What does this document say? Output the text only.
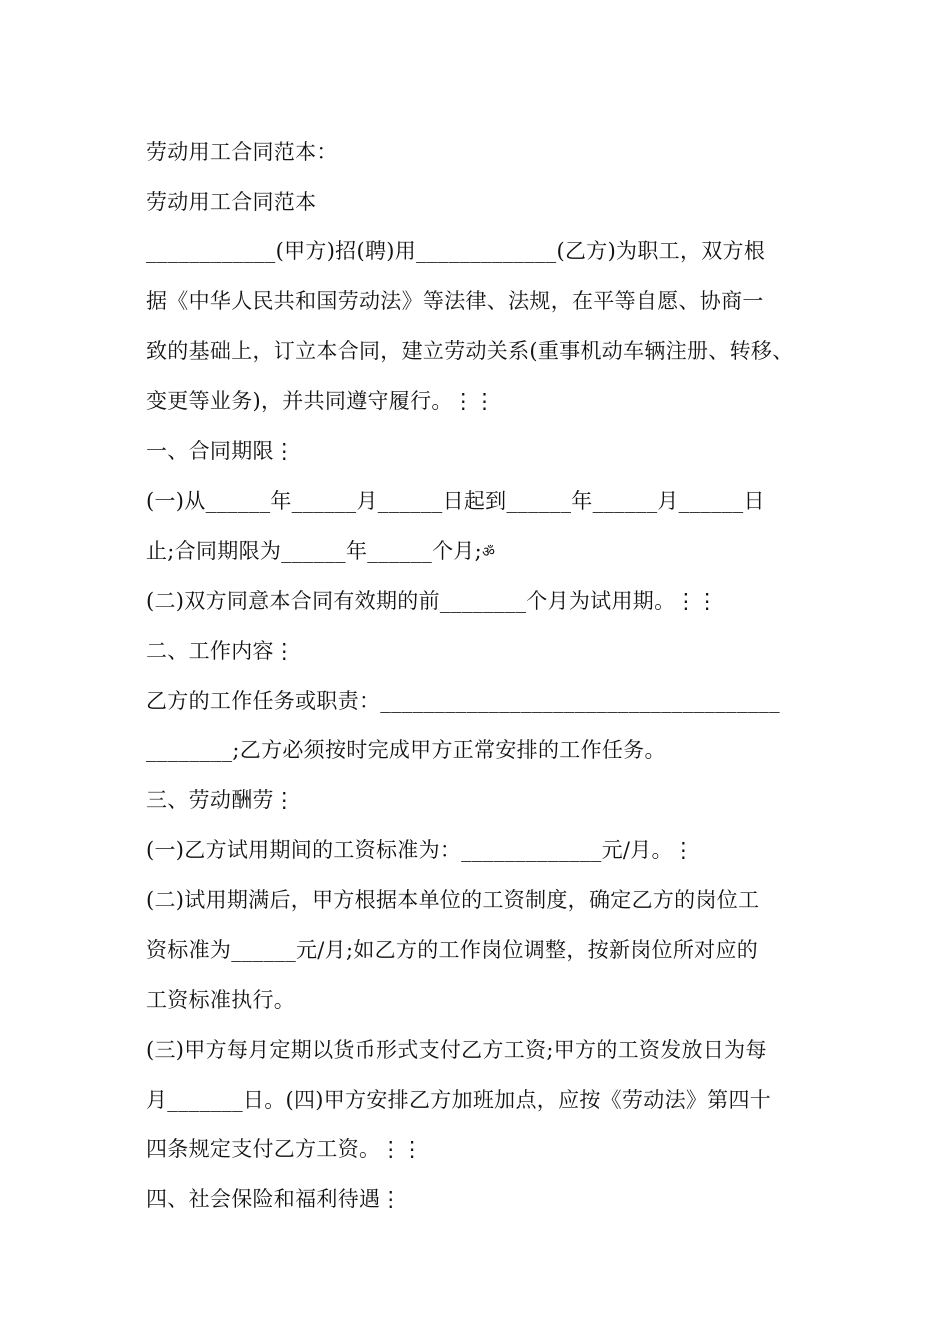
劳动用工合同范本：

劳动用工合同范本

____________(甲方)招(聘)用_____________(乙方)为职工，双方根

据《中华人民共和国劳动法》等法律、法规，在平等自愿、协商一

致的基础上，订立本合同，建立劳动关系(重事机动车辆注册、转移、

变更等业务)，并共同遵守履行。⋮⋮

一、合同期限⋮

(一)从______年______月______日起到______年______月______日

止;合同期限为______年______个月;ॐ

(二)双方同意本合同有效期的前________个月为试用期。⋮⋮

二、工作内容⋮

乙方的工作任务或职责：_____________________________________

________;乙方必须按时完成甲方正常安排的工作任务。

三、劳动酬劳⋮

(一)乙方试用期间的工资标准为：_____________元/月。⋮

(二)试用期满后，甲方根据本单位的工资制度，确定乙方的岗位工

资标准为______元/月;如乙方的工作岗位调整，按新岗位所对应的

工资标准执行。

(三)甲方每月定期以货币形式支付乙方工资;甲方的工资发放日为每

月_______日。(四)甲方安排乙方加班加点，应按《劳动法》第四十

四条规定支付乙方工资。⋮⋮

四、社会保险和福利待遇⋮
